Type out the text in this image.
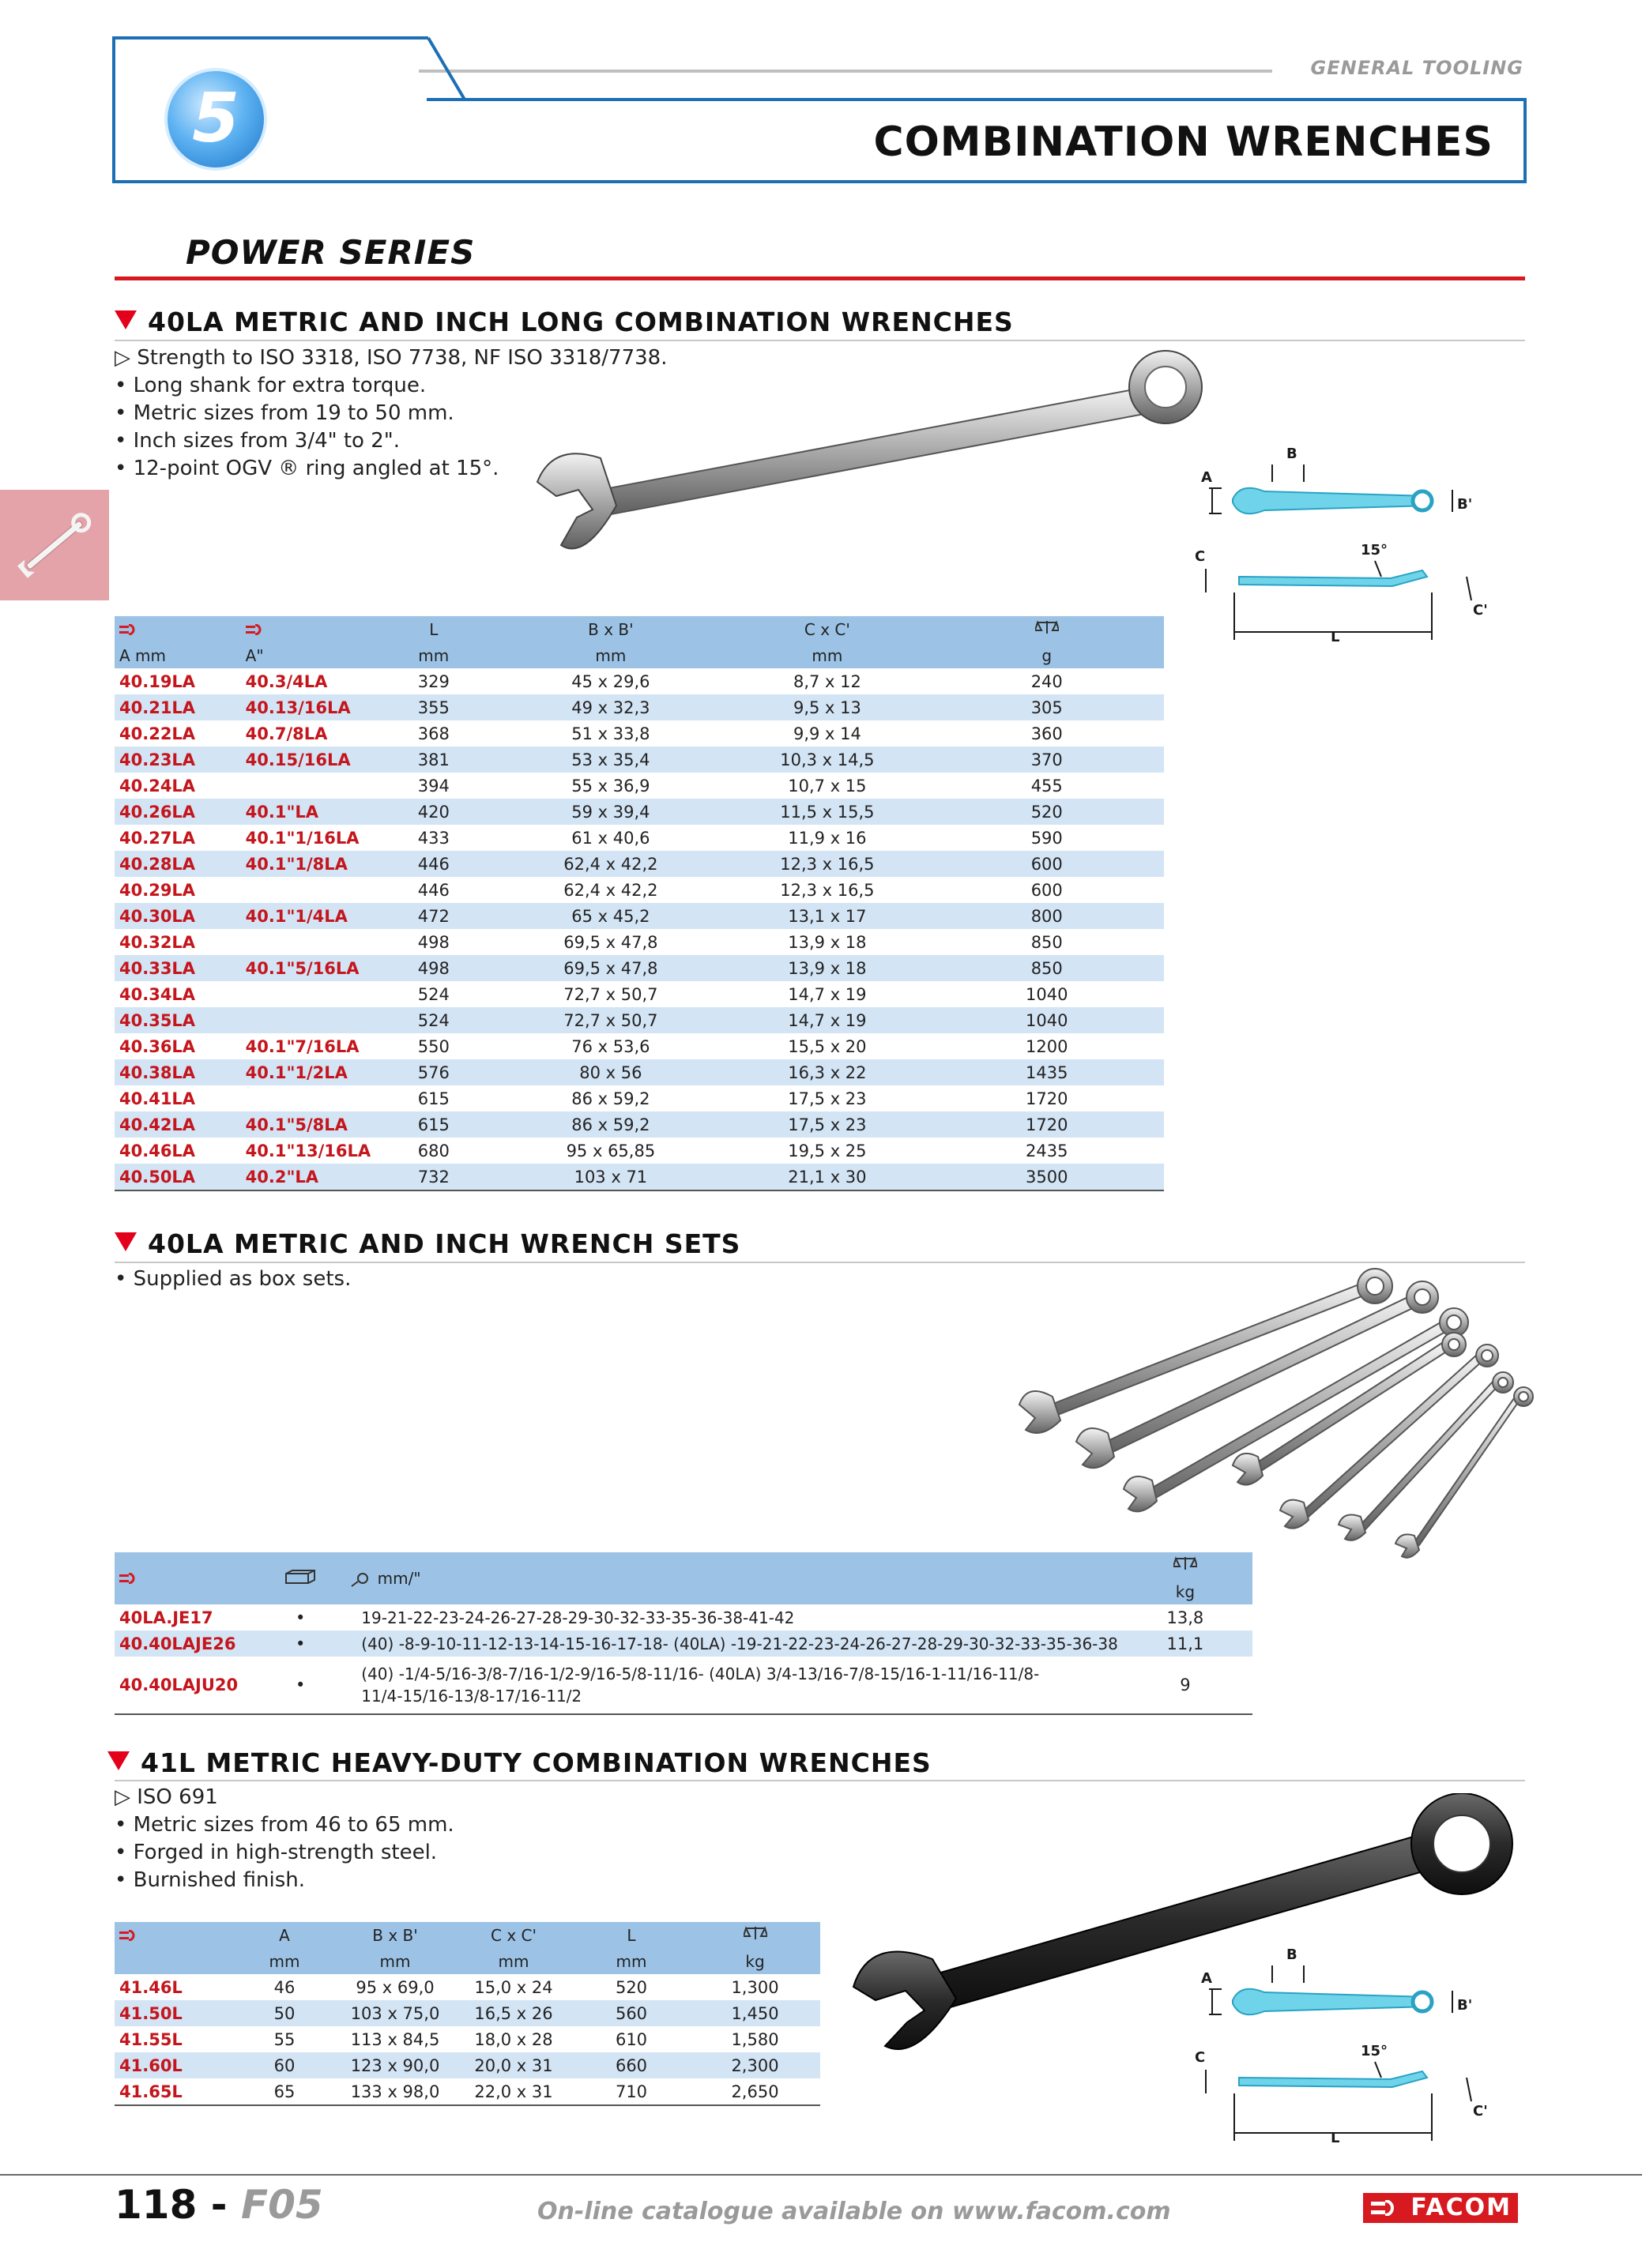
5
GENERAL TOOLING
COMBINATION WRENCHES
POWER SERIES
40LA METRIC AND INCH LONG COMBINATION WRENCHES
▷ Strength to ISO 3318, ISO 7738, NF ISO 3318/7738.
• Long shank for extra torque.
• Metric sizes from 19 to 50 mm.
• Inch sizes from 3/4" to 2".
• 12-point OGV ® ring angled at 15°.	A
B
B'
C	15°
C'
L
		L	B x B'	C x C'	
A mm	A"	mm	mm	mm	g
40.19LA	40.3/4LA	329	45 x 29,6	8,7 x 12	240
40.21LA	40.13/16LA	355	49 x 32,3	9,5 x 13	305
40.22LA	40.7/8LA	368	51 x 33,8	9,9 x 14	360
40.23LA	40.15/16LA	381	53 x 35,4	10,3 x 14,5	370
40.24LA		394	55 x 36,9	10,7 x 15	455
40.26LA	40.1"LA	420	59 x 39,4	11,5 x 15,5	520
40.27LA	40.1"1/16LA	433	61 x 40,6	11,9 x 16	590
40.28LA	40.1"1/8LA	446	62,4 x 42,2	12,3 x 16,5	600
40.29LA		446	62,4 x 42,2	12,3 x 16,5	600
40.30LA	40.1"1/4LA	472	65 x 45,2	13,1 x 17	800
40.32LA		498	69,5 x 47,8	13,9 x 18	850
40.33LA	40.1"5/16LA	498	69,5 x 47,8	13,9 x 18	850
40.34LA		524	72,7 x 50,7	14,7 x 19	1040
40.35LA		524	72,7 x 50,7	14,7 x 19	1040
40.36LA	40.1"7/16LA	550	76 x 53,6	15,5 x 20	1200
40.38LA	40.1"1/2LA	576	80 x 56	16,3 x 22	1435
40.41LA		615	86 x 59,2	17,5 x 23	1720
40.42LA	40.1"5/8LA	615	86 x 59,2	17,5 x 23	1720
40.46LA	40.1"13/16LA	680	95 x 65,85	19,5 x 25	2435
40.50LA	40.2"LA	732	103 x 71	21,1 x 30	3500
40LA METRIC AND INCH WRENCH SETS
• Supplied as box sets.
		mm/"	
			kg
40LA.JE17	•	19-21-22-23-24-26-27-28-29-30-32-33-35-36-38-41-42	13,8
40.40LAJE26	•	(40) -8-9-10-11-12-13-14-15-16-17-18- (40LA) -19-21-22-23-24-26-27-28-29-30-32-33-35-36-38	11,1
40.40LAJU20	•	(40) -1/4-5/16-3/8-7/16-1/2-9/16-5/8-11/16- (40LA) 3/4-13/16-7/8-15/16-1-11/16-11/8-
11/4-15/16-13/8-17/16-11/2	9
41L METRIC HEAVY-DUTY COMBINATION WRENCHES
▷ ISO 691
• Metric sizes from 46 to 65 mm.
• Forged in high-strength steel.
• Burnished finish.
A
B
B'
C	15°
C'
L
	A	B x B'	C x C'	L	
	mm	mm	mm	mm	kg
41.46L	46	95 x 69,0	15,0 x 24	520	1,300
41.50L	50	103 x 75,0	16,5 x 26	560	1,450
41.55L	55	113 x 84,5	18,0 x 28	610	1,580
41.60L	60	123 x 90,0	20,0 x 31	660	2,300
41.65L	65	133 x 98,0	22,0 x 31	710	2,650
118 - F05	On-line catalogue available on www.facom.com	FACOM
